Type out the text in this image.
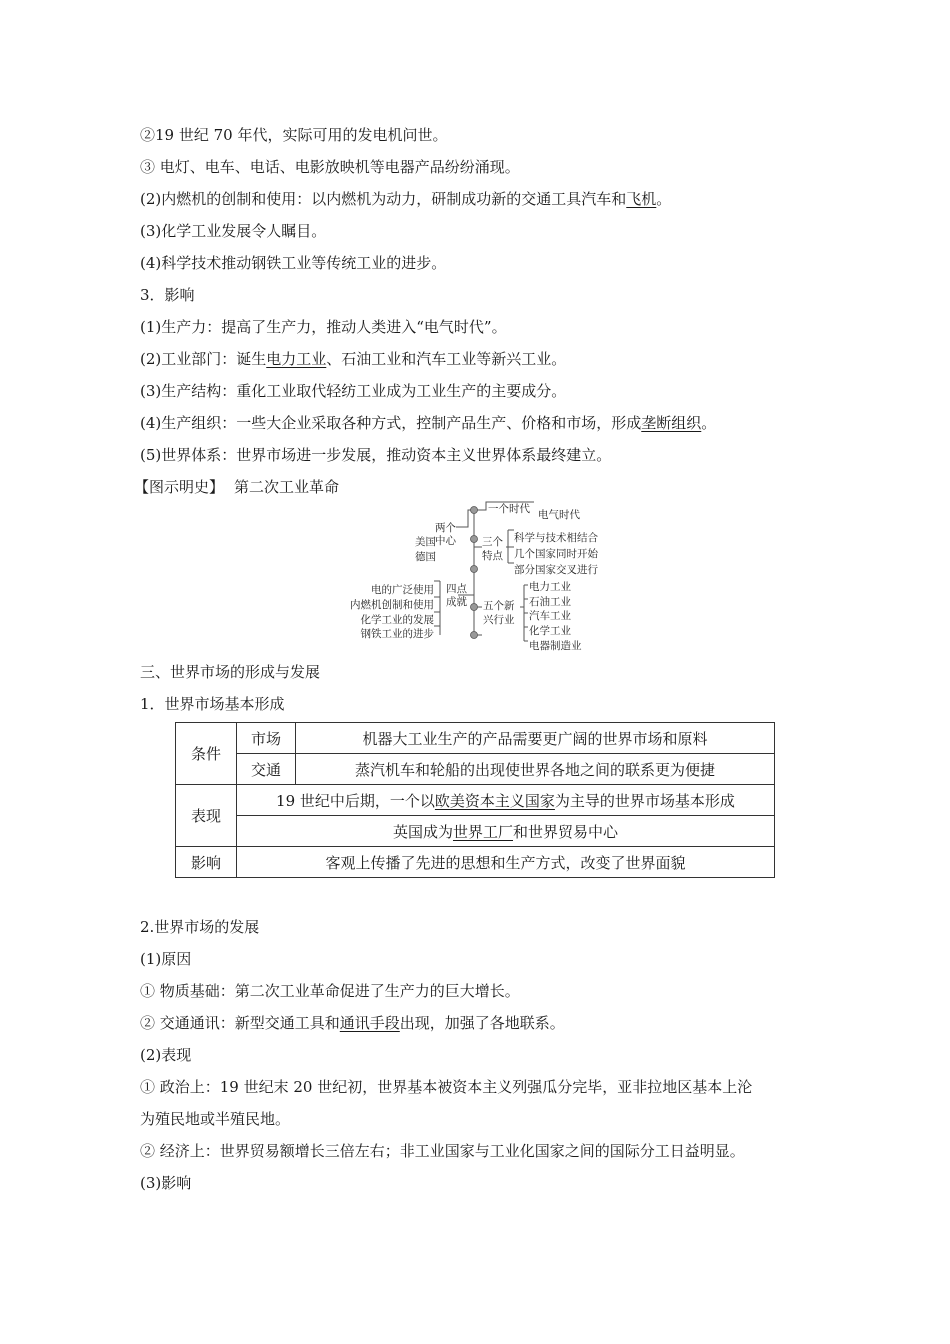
②19 世纪 70 年代，实际可用的发电机问世。
③ 电灯、电车、电话、电影放映机等电器产品纷纷涌现。
(2)内燃机的创制和使用：以内燃机为动力，研制成功新的交通工具汽车和飞机。
(3)化学工业发展令人瞩目。
(4)科学技术推动钢铁工业等传统工业的进步。
3．影响
(1)生产力：提高了生产力，推动人类进入“电气时代”。
(2)工业部门：诞生电力工业、石油工业和汽车工业等新兴工业。
(3)生产结构：重化工业取代轻纺工业成为工业生产的主要成分。
(4)生产组织：一些大企业采取各种方式，控制产品生产、价格和市场，形成垄断组织。
(5)世界体系：世界市场进一步发展，推动资本主义世界体系最终建立。
【图示明史】 第二次工业革命
两个
中心
美国
德国
一个时代 电气时代
三个
特点
科学与技术相结合
几个国家同时开始
部分国家交叉进行
四点
成就
电的广泛使用
内燃机创制和使用
化学工业的发展
钢铁工业的进步
五个新
兴行业
电力工业
石油工业
汽车工业
化学工业
电器制造业
三、世界市场的形成与发展
1．世界市场基本形成
条件	市场	机器大工业生产的产品需要更广阔的世界市场和原料
	交通	蒸汽机车和轮船的出现使世界各地之间的联系更为便捷
表现	19 世纪中后期，一个以欧美资本主义国家为主导的世界市场基本形成	
	英国成为世界工厂和世界贸易中心	
影响	客观上传播了先进的思想和生产方式，改变了世界面貌	
2.世界市场的发展
(1)原因
① 物质基础：第二次工业革命促进了生产力的巨大增长。
② 交通通讯：新型交通工具和通讯手段出现，加强了各地联系。
(2)表现
① 政治上：19 世纪末 20 世纪初，世界基本被资本主义列强瓜分完毕，亚非拉地区基本上沦
为殖民地或半殖民地。
② 经济上：世界贸易额增长三倍左右；非工业国家与工业化国家之间的国际分工日益明显。
(3)影响
